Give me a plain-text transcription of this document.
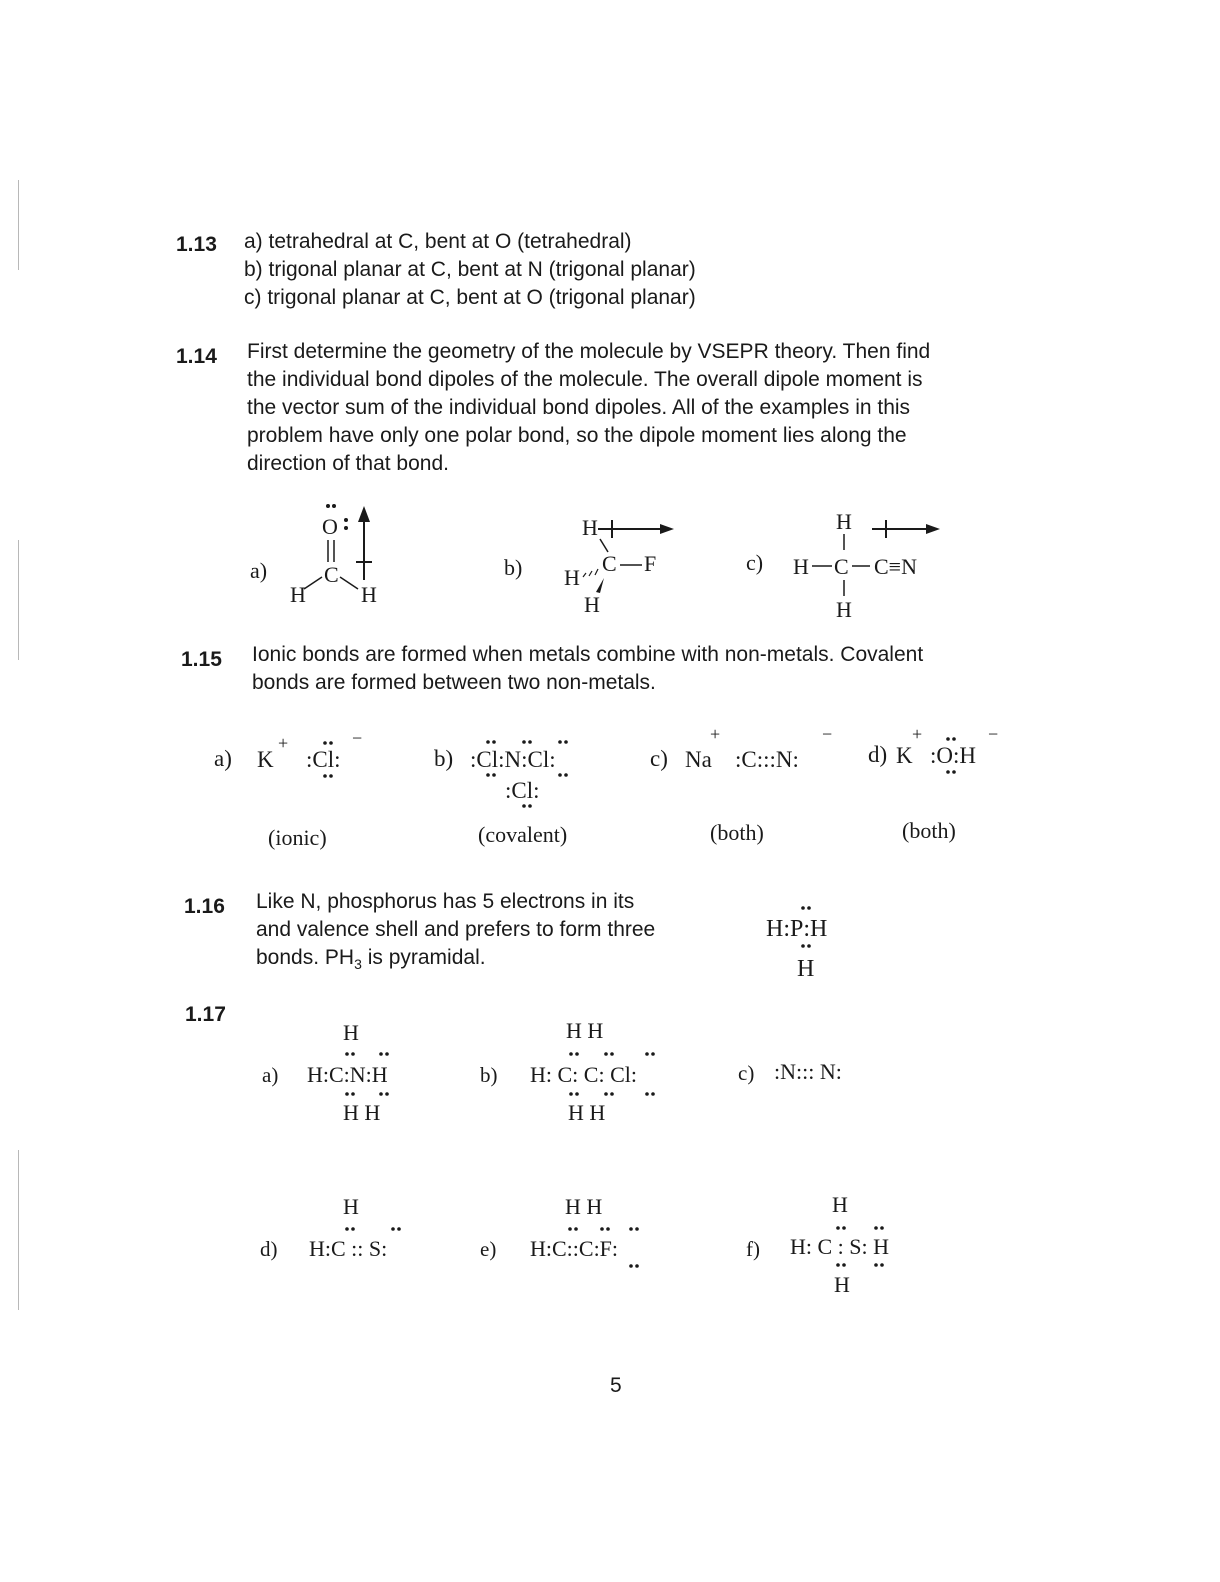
1.13 a) tetrahedral at C, bent at O (tetrahedral)
b) trigonal planar at C, bent at N (trigonal planar)
c) trigonal planar at C, bent at O (trigonal planar)
1.14 First determine the geometry of the molecule by VSEPR theory. Then find
the individual bond dipoles of the molecule. The overall dipole moment is
the vector sum of the individual bond dipoles. All of the examples in this
problem have only one polar bond, so the dipole moment lies along the
direction of that bond.
a)
O
C
H	H
b)
H
H
C F
H
c)
H
H C C≡N
H
1.15 Ionic bonds are formed when metals combine with non-metals. Covalent
bonds are formed between two non-metals.
a) K
+
:Cl:
−
b) :Cl:N:Cl:
:Cl:
c) Na
+
:C:::N:
−
d) K
+
:O:H
−
(ionic)	(covalent)	(both)	(both)
1.16 Like N, phosphorus has 5 electrons in its
and valence shell and prefers to form three
bonds. $PH_3$ is pyramidal.
H:P:H
H
1.17
a)
H
H:C:N:H
H H
b)
H H
H: C: C: Cl:
H H
c) :N::: N:
d)
H
H:C :: S:	e)
H H
H:C::C:F:	f)
H
H: C : S: H
H
5
